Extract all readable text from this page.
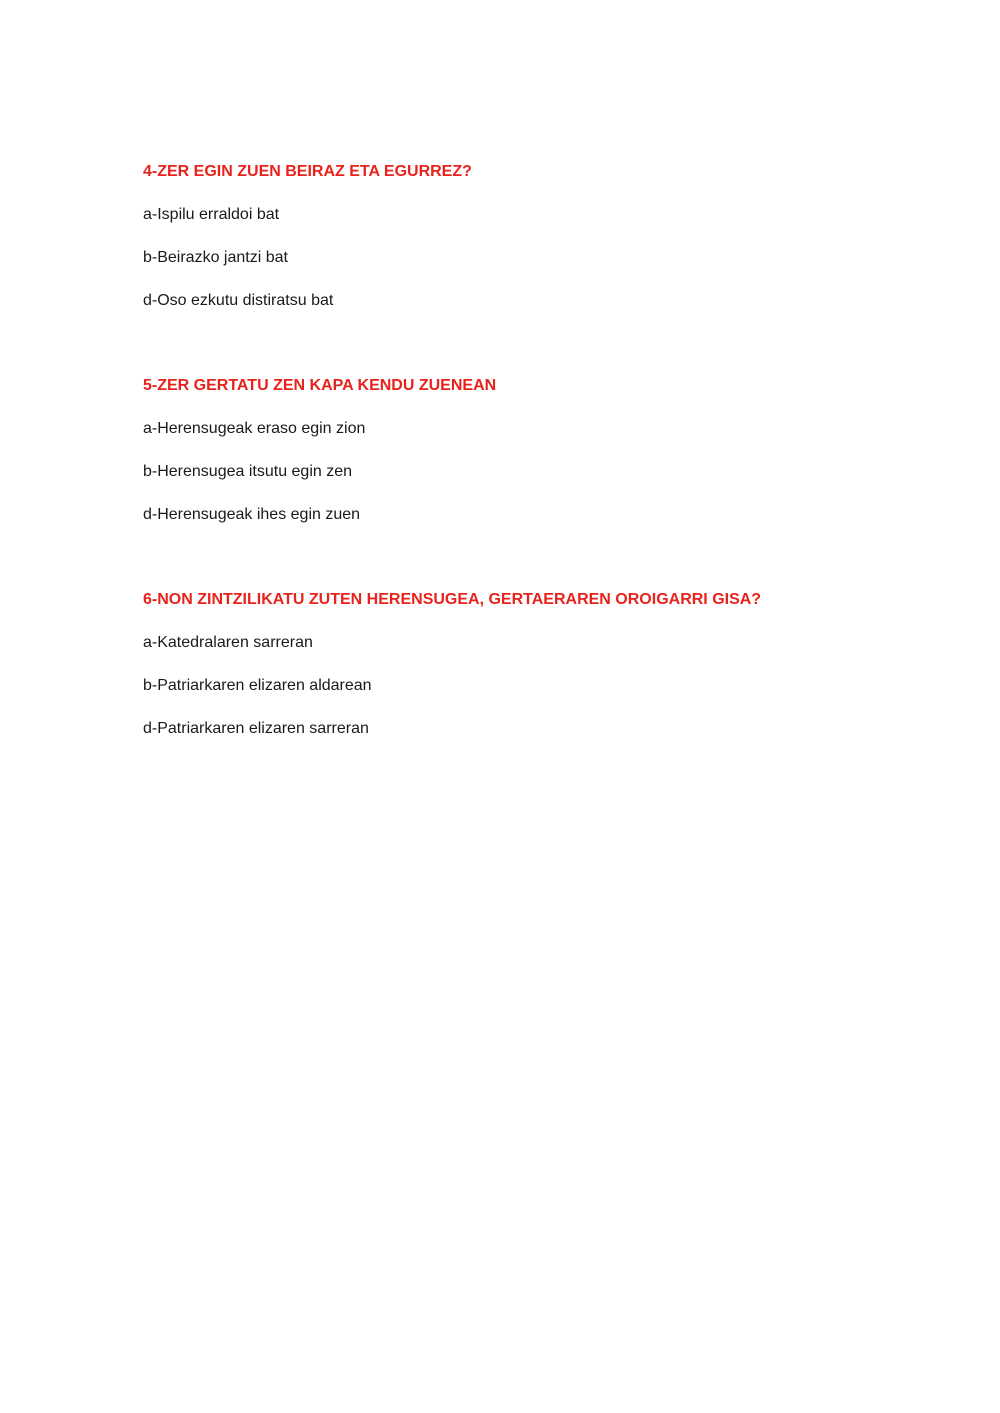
4-ZER EGIN ZUEN BEIRAZ ETA EGURREZ?

a-Ispilu erraldoi bat

b-Beirazko jantzi bat

d-Oso ezkutu distiratsu bat

5-ZER GERTATU ZEN KAPA KENDU ZUENEAN

a-Herensugeak eraso egin zion

b-Herensugea itsutu egin zen

d-Herensugeak ihes egin zuen

6-NON ZINTZILIKATU ZUTEN HERENSUGEA, GERTAERAREN OROIGARRI GISA?

a-Katedralaren sarreran

b-Patriarkaren elizaren aldarean

d-Patriarkaren elizaren sarreran
